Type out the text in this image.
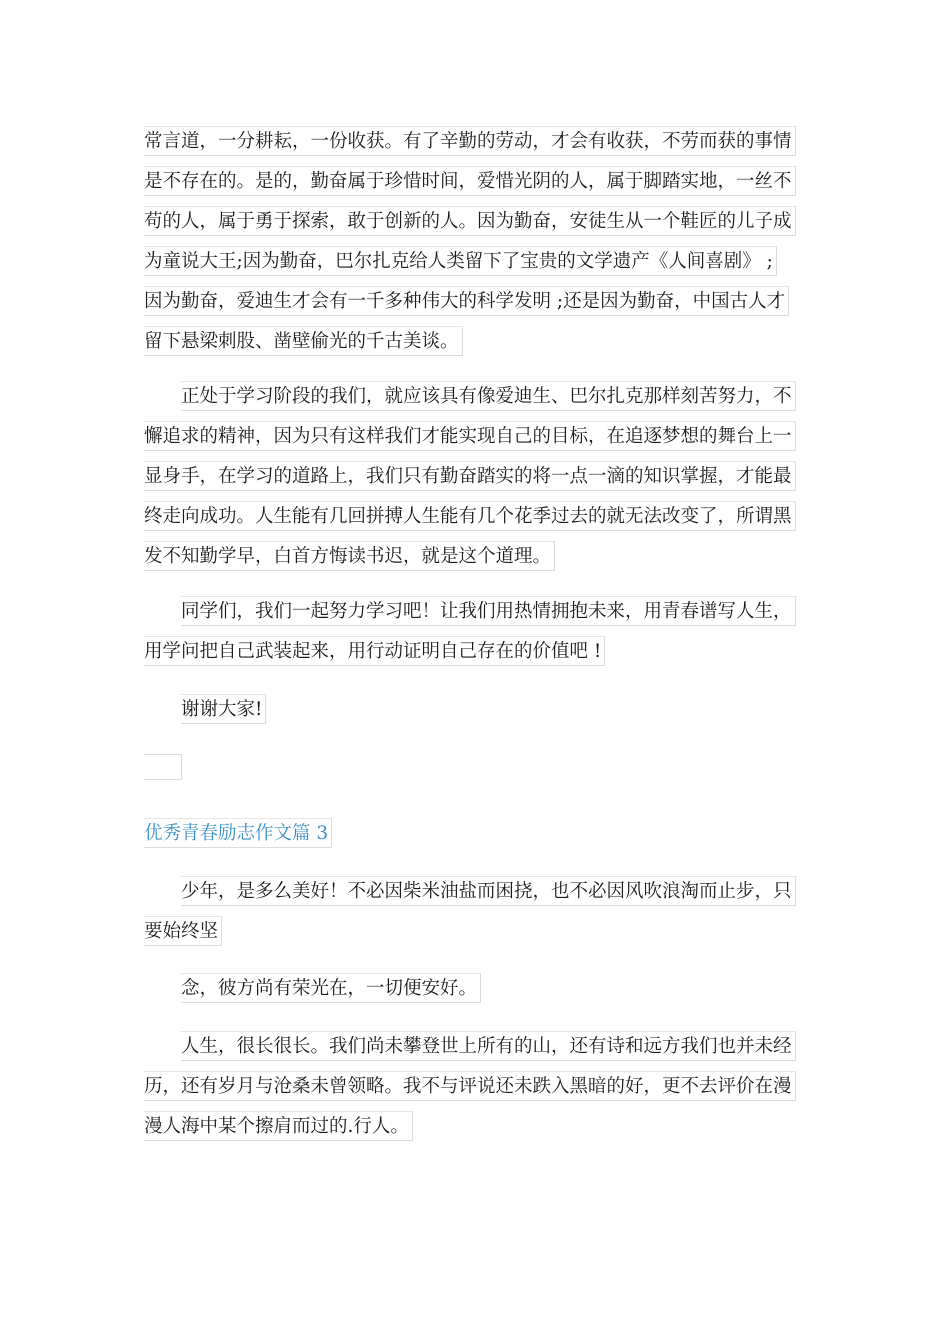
常言道，一分耕耘，一份收获。有了辛勤的劳动，才会有收获，不劳而获的事情
是不存在的。是的，勤奋属于珍惜时间，爱惜光阴的人，属于脚踏实地，一丝不
苟的人，属于勇于探索，敢于创新的人。因为勤奋，安徒生从一个鞋匠的儿子成
为童说大王;因为勤奋，巴尔扎克给人类留下了宝贵的文学遗产《人间喜剧》 ;
因为勤奋，爱迪生才会有一千多种伟大的科学发明 ;还是因为勤奋，中国古人才
留下悬梁刺股、凿壁偷光的千古美谈。
正处于学习阶段的我们，就应该具有像爱迪生、巴尔扎克那样刻苦努力，不
懈追求的精神，因为只有这样我们才能实现自己的目标，在追逐梦想的舞台上一
显身手，在学习的道路上，我们只有勤奋踏实的将一点一滴的知识掌握，才能最
终走向成功。人生能有几回拼搏人生能有几个花季过去的就无法改变了，所谓黑
发不知勤学早，白首方悔读书迟，就是这个道理。
同学们，我们一起努力学习吧！让我们用热情拥抱未来，用青春谱写人生，
用学问把自己武装起来，用行动证明自己存在的价值吧 !
谢谢大家!
优秀青春励志作文篇 3
少年，是多么美好！不必因柴米油盐而困挠，也不必因风吹浪淘而止步，只
要始终坚
念，彼方尚有荣光在，一切便安好。
人生，很长很长。我们尚未攀登世上所有的山，还有诗和远方我们也并未经
历，还有岁月与沧桑未曾领略。我不与评说还未跌入黑暗的好，更不去评价在漫
漫人海中某个擦肩而过的.行人。
